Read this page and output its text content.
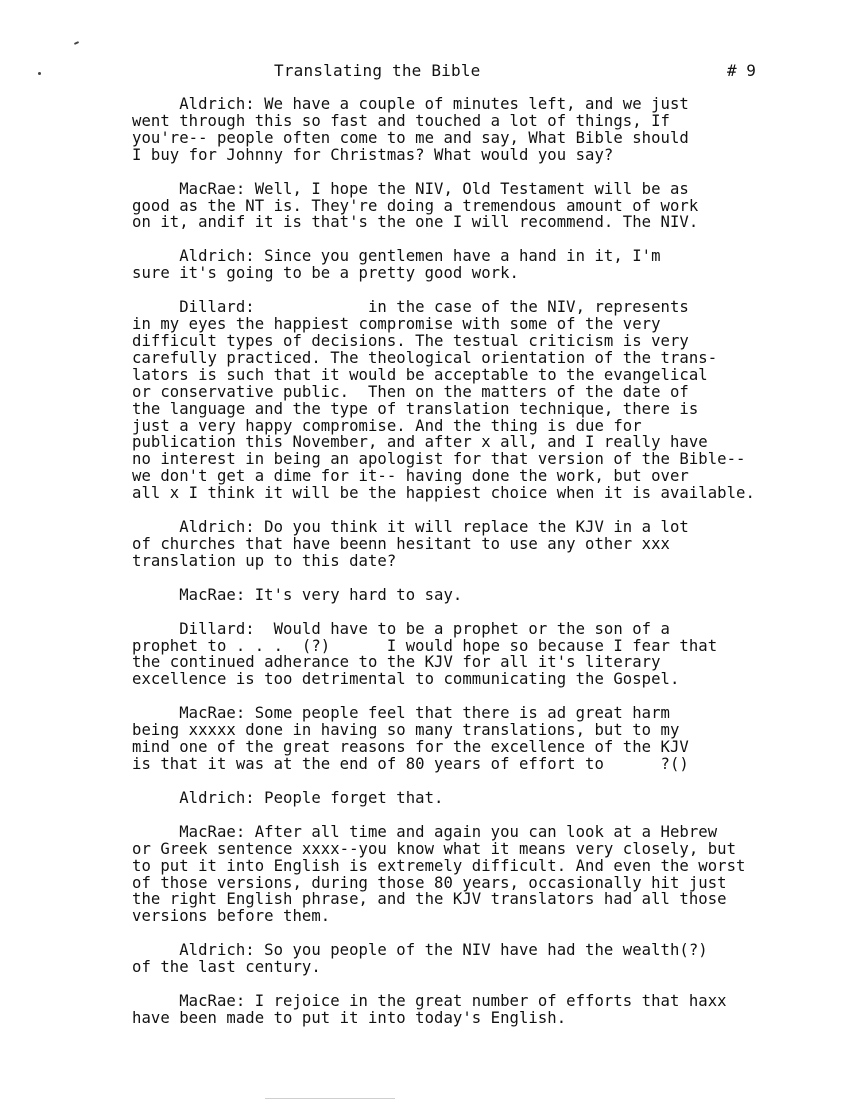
Translating the Bible	# 9
Aldrich: We have a couple of minutes left, and we just
went through this so fast and touched a lot of things, If
you're-- people often come to me and say, What Bible should
I buy for Johnny for Christmas? What would you say?
MacRae: Well, I hope the NIV, Old Testament will be as
good as the NT is. They're doing a tremendous amount of work
on it, andif it is that's the one I will recommend. The NIV.
Aldrich: Since you gentlemen have a hand in it, I'm
sure it's going to be a pretty good work.
Dillard:            in the case of the NIV, represents
in my eyes the happiest compromise with some of the very
difficult types of decisions. The testual criticism is very
carefully practiced. The theological orientation of the trans-
lators is such that it would be acceptable to the evangelical
or conservative public.  Then on the matters of the date of
the language and the type of translation technique, there is
just a very happy compromise. And the thing is due for
publication this November, and after x all, and I really have
no interest in being an apologist for that version of the Bible--
we don't get a dime for it-- having done the work, but over
all x I think it will be the happiest choice when it is available.
Aldrich: Do you think it will replace the KJV in a lot
of churches that have beenn hesitant to use any other xxx
translation up to this date?
MacRae: It's very hard to say.
Dillard:  Would have to be a prophet or the son of a
prophet to . . .  (?)      I would hope so because I fear that
the continued adherance to the KJV for all it's literary
excellence is too detrimental to communicating the Gospel.
MacRae: Some people feel that there is ad great harm
being xxxxx done in having so many translations, but to my
mind one of the great reasons for the excellence of the KJV
is that it was at the end of 80 years of effort to      ?()
Aldrich: People forget that.
MacRae: After all time and again you can look at a Hebrew
or Greek sentence xxxx--you know what it means very closely, but
to put it into English is extremely difficult. And even the worst
of those versions, during those 80 years, occasionally hit just
the right English phrase, and the KJV translators had all those
versions before them.
Aldrich: So you people of the NIV have had the wealth(?)
of the last century.
MacRae: I rejoice in the great number of efforts that haxx
have been made to put it into today's English.
